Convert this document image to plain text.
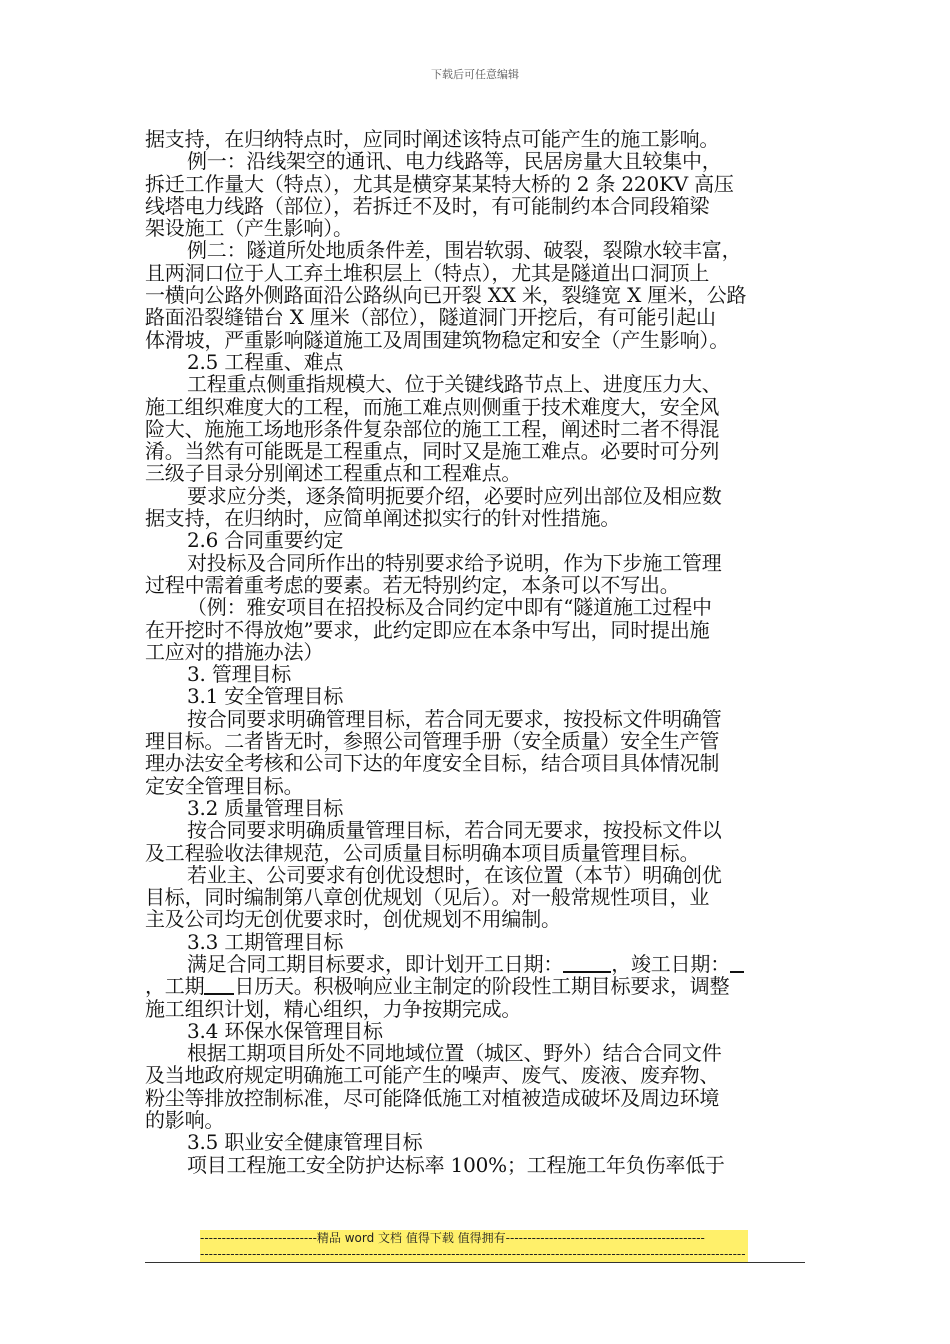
下载后可任意编辑

据支持，在归纳特点时，应同时阐述该特点可能产生的施工影响。

例一：沿线架空的通讯、电力线路等，民居房量大且较集中，

拆迁工作量大（特点），尤其是横穿某某特大桥的 2 条 220KV 高压

线塔电力线路（部位），若拆迁不及时，有可能制约本合同段箱梁

架设施工（产生影响）。

例二：隧道所处地质条件差，围岩软弱、破裂，裂隙水较丰富，

且两洞口位于人工弃土堆积层上（特点），尤其是隧道出口洞顶上

一横向公路外侧路面沿公路纵向已开裂 XX 米，裂缝宽 X 厘米，公路

路面沿裂缝错台 X 厘米（部位），隧道洞门开挖后，有可能引起山

体滑坡，严重影响隧道施工及周围建筑物稳定和安全（产生影响）。

2.5 工程重、难点

工程重点侧重指规模大、位于关键线路节点上、进度压力大、

施工组织难度大的工程，而施工难点则侧重于技术难度大，安全风

险大、施施工场地形条件复杂部位的施工工程，阐述时二者不得混

淆。当然有可能既是工程重点，同时又是施工难点。必要时可分列

三级子目录分别阐述工程重点和工程难点。

要求应分类，逐条简明扼要介绍，必要时应列出部位及相应数

据支持，在归纳时，应简单阐述拟实行的针对性措施。

2.6 合同重要约定

对投标及合同所作出的特别要求给予说明，作为下步施工管理

过程中需着重考虑的要素。若无特别约定，本条可以不写出。

（例：雅安项目在招投标及合同约定中即有“隧道施工过程中

在开挖时不得放炮”要求，此约定即应在本条中写出，同时提出施

工应对的措施办法）

3. 管理目标

3.1 安全管理目标

按合同要求明确管理目标，若合同无要求，按投标文件明确管

理目标。二者皆无时，参照公司管理手册（安全质量）安全生产管

理办法安全考核和公司下达的年度安全目标，结合项目具体情况制

定安全管理目标。

3.2 质量管理目标

按合同要求明确质量管理目标，若合同无要求，按投标文件以

及工程验收法律规范，公司质量目标明确本项目质量管理目标。

若业主、公司要求有创优设想时，在该位置（本节）明确创优

目标，同时编制第八章创优规划（见后）。对一般常规性项目，业

主及公司均无创优要求时，创优规划不用编制。

3.3 工期管理目标

满足合同工期目标要求，即计划开工日期： ，竣工日期：

，工期 日历天。积极响应业主制定的阶段性工期目标要求，调整

施工组织计划，精心组织，力争按期完成。

3.4 环保水保管理目标

根据工期项目所处不同地域位置（城区、野外）结合合同文件

及当地政府规定明确施工可能产生的噪声、废气、废液、废弃物、

粉尘等排放控制标准，尽可能降低施工对植被造成破坏及周边环境

的影响。

3.5 职业安全健康管理目标

项目工程施工安全防护达标率 100%；工程施工年负伤率低于

---------------------------精品 word 文档 值得下载 值得拥有----------------------------------------------
------------------------------------------------------------------------------------------------------------------------------
